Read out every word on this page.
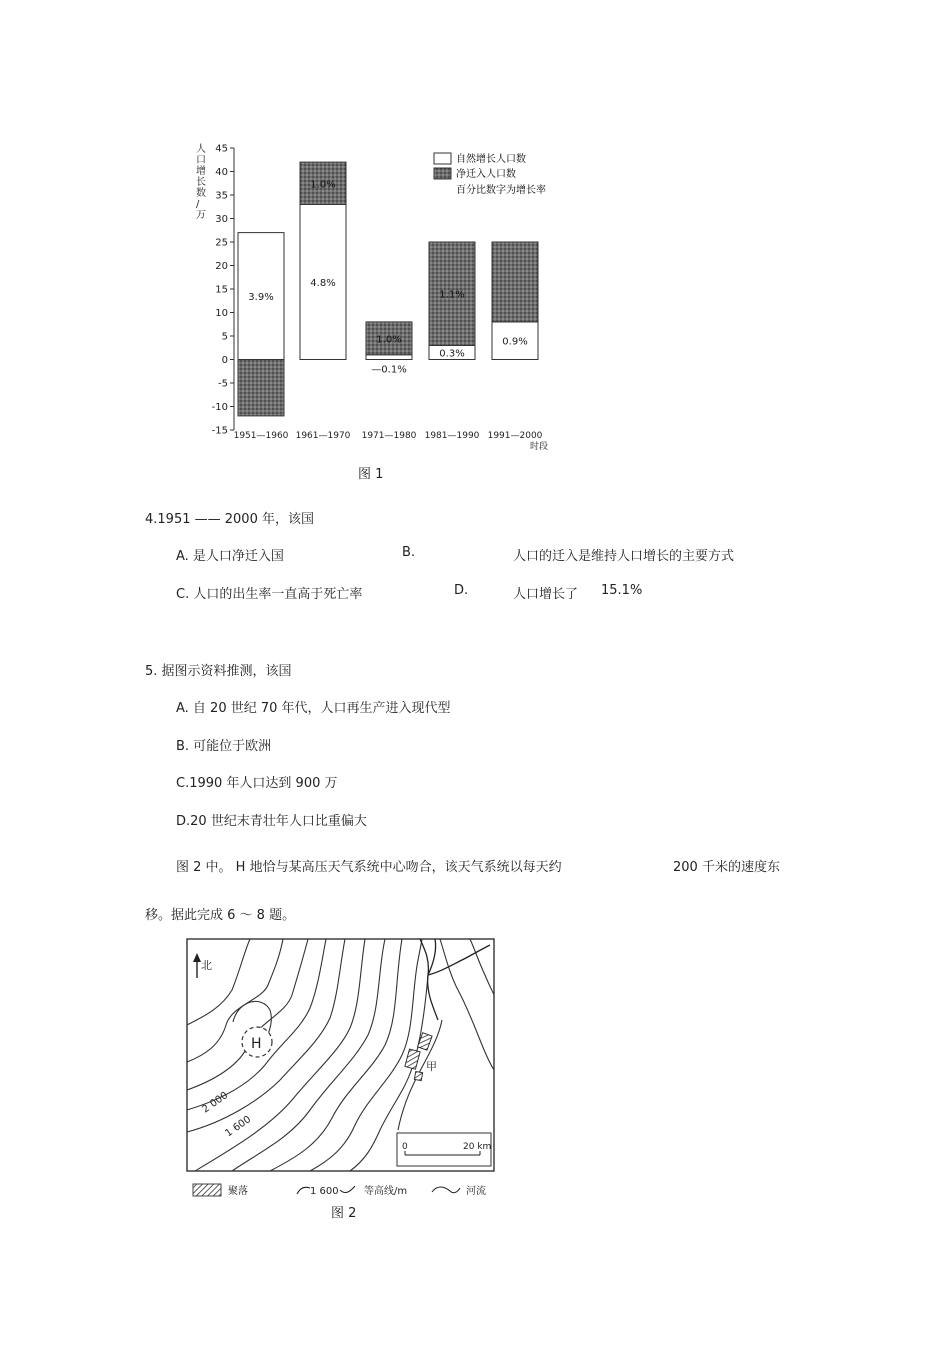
人
口
增
长
数
/
万
45
40
35
30
25
20
15
10
5
0
-5
-10
-15
3.9%
4.8%
1.0%
1.0%
0.3%
1.1%
0.9%
—0.1%
1951—1960 1961—1970 1971—1980 1981—1990 1991—2000
时段
自然增长人口数
净迁入人口数
百分比数字为增长率
图 1
4.1951 —— 2000 年，该国
A. 是人口净迁入国	B.	人口的迁入是维持人口增长的主要方式
C. 人口的出生率一直高于死亡率	D.	人口增长了 15.1%
5. 据图示资料推测，该国
A. 自 20 世纪 70 年代，人口再生产进入现代型
B. 可能位于欧洲
C.1990 年人口达到 900 万
D.20 世纪末青壮年人口比重偏大
图 2 中。 H 地恰与某高压天气系统中心吻合，该天气系统以每天约	200 千米的速度东
移。据此完成 6 ～ 8 题。
H
北
甲
2 000
1 600
0	20 km
聚落	1 600	等高线/m	河流
图 2
